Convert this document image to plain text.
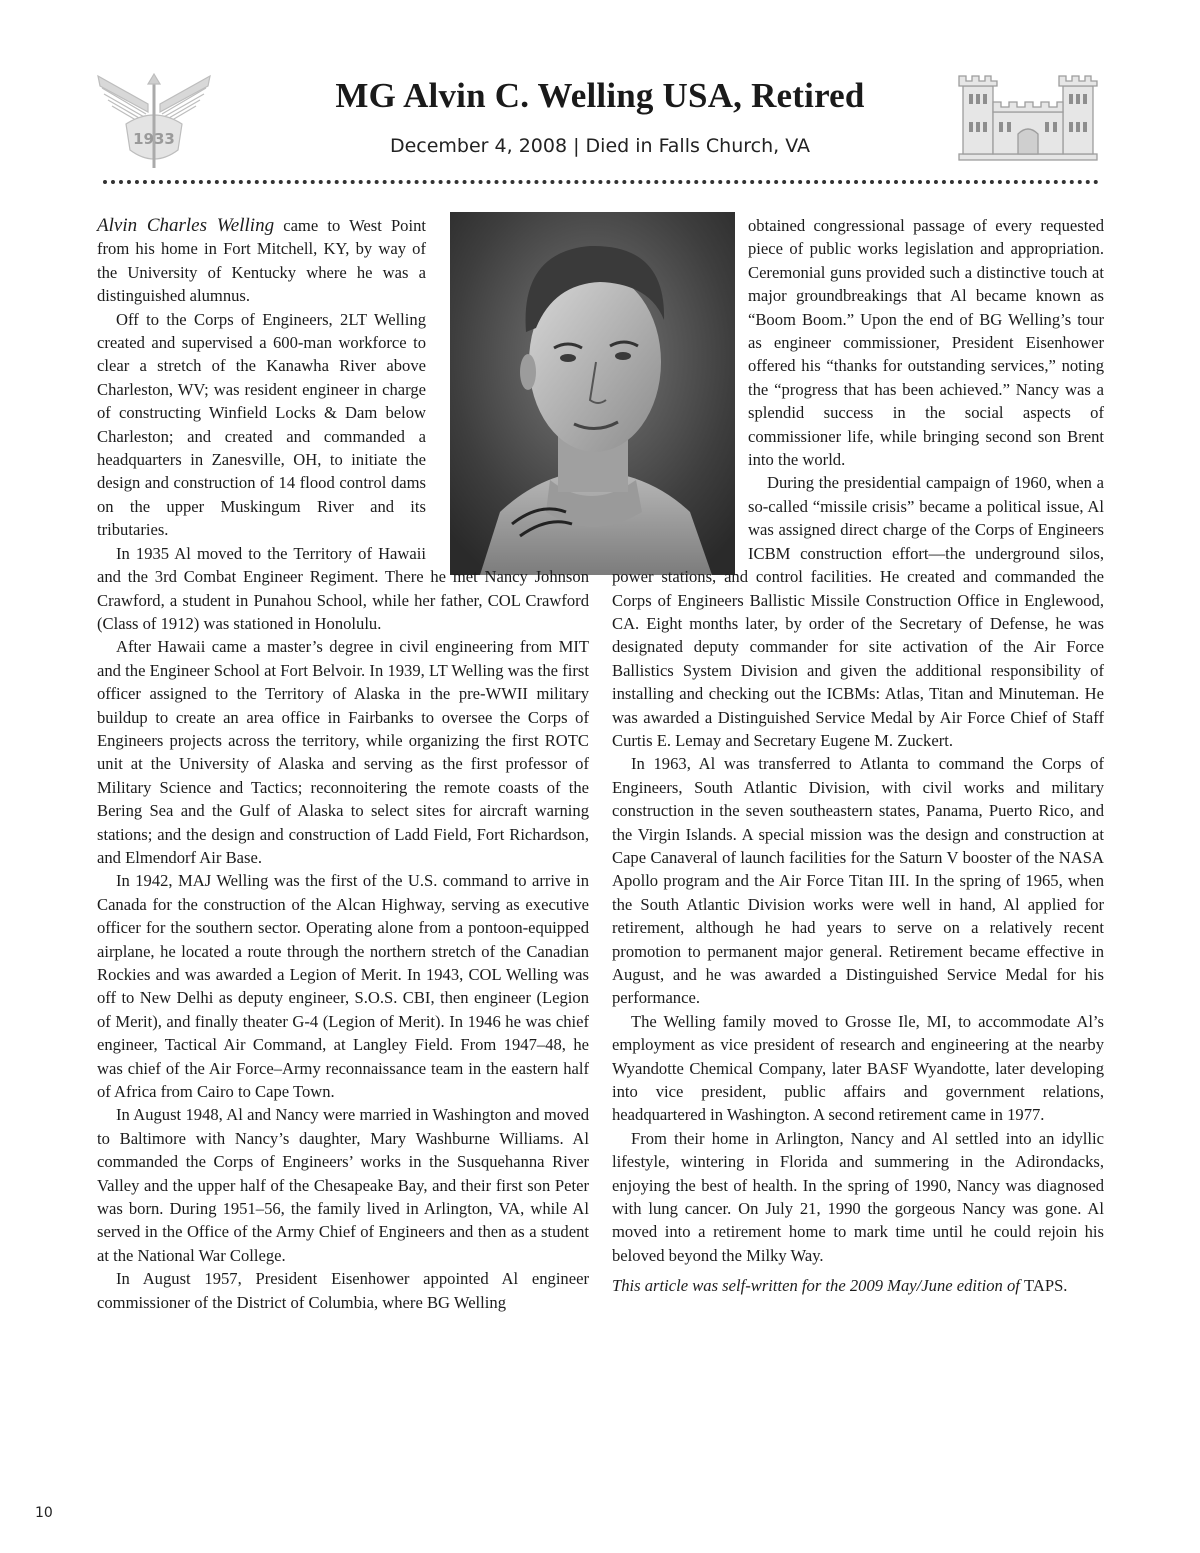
1933
MG Alvin C. Welling USA, Retired
December 4, 2008 | Died in Falls Church, VA

Alvin Charles Welling came to West Point from his home in Fort Mitchell, KY, by way of the University of Kentucky where he was a distinguished alumnus.

Off to the Corps of Engineers, 2LT Welling created and supervised a 600-man workforce to clear a stretch of the Kanawha River above Charleston, WV; was resident engineer in charge of constructing Winfield Locks & Dam below Charleston; and created and commanded a headquarters in Zanesville, OH, to initiate the design and construction of 14 flood control dams on the upper Muskingum River and its tributaries.

In 1935 Al moved to the Territory of Hawaii and the 3rd Combat Engineer Regiment. There he met Nancy Johnson Crawford, a student in Punahou School, while her father, COL Crawford (Class of 1912) was stationed in Honolulu.

After Hawaii came a master’s degree in civil engineering from MIT and the Engineer School at Fort Belvoir. In 1939, LT Welling was the first officer assigned to the Territory of Alaska in the pre-WWII military buildup to create an area office in Fairbanks to oversee the Corps of Engineers projects across the territory, while organizing the first ROTC unit at the University of Alaska and serving as the first professor of Military Science and Tactics; reconnoitering the remote coasts of the Bering Sea and the Gulf of Alaska to select sites for aircraft warning stations; and the design and construction of Ladd Field, Fort Richardson, and Elmendorf Air Base.

In 1942, MAJ Welling was the first of the U.S. command to arrive in Canada for the construction of the Alcan Highway, serving as executive officer for the southern sector. Operating alone from a pontoon-equipped airplane, he located a route through the northern stretch of the Canadian Rockies and was awarded a Legion of Merit. In 1943, COL Welling was off to New Delhi as deputy engineer, S.O.S. CBI, then engineer (Legion of Merit), and finally theater G-4 (Legion of Merit). In 1946 he was chief engineer, Tactical Air Command, at Langley Field. From 1947–48, he was chief of the Air Force–Army reconnaissance team in the eastern half of Africa from Cairo to Cape Town.

In August 1948, Al and Nancy were married in Washington and moved to Baltimore with Nancy’s daughter, Mary Washburne Williams. Al commanded the Corps of Engineers’ works in the Susquehanna River Valley and the upper half of the Chesapeake Bay, and their first son Peter was born. During 1951–56, the family lived in Arlington, VA, while Al served in the Office of the Army Chief of Engineers and then as a student at the National War College.

In August 1957, President Eisenhower appointed Al engineer commissioner of the District of Columbia, where BG Welling

obtained congressional passage of every requested piece of public works legislation and appropriation. Ceremonial guns provided such a distinctive touch at major groundbreakings that Al became known as “Boom Boom.” Upon the end of BG Welling’s tour as engineer commissioner, President Eisenhower offered his “thanks for outstanding services,” noting the “progress that has been achieved.” Nancy was a splendid success in the social aspects of commissioner life, while bringing second son Brent into the world.

During the presidential campaign of 1960, when a so-called “missile crisis” became a political issue, Al was assigned direct charge of the Corps of Engineers ICBM construction effort—the underground silos, power stations, and control facilities. He created and commanded the Corps of Engineers Ballistic Missile Construction Office in Englewood, CA. Eight months later, by order of the Secretary of Defense, he was designated deputy commander for site activation of the Air Force Ballistics System Division and given the additional responsibility of installing and checking out the ICBMs: Atlas, Titan and Minuteman. He was awarded a Distinguished Service Medal by Air Force Chief of Staff Curtis E. Lemay and Secretary Eugene M. Zuckert.

In 1963, Al was transferred to Atlanta to command the Corps of Engineers, South Atlantic Division, with civil works and military construction in the seven southeastern states, Panama, Puerto Rico, and the Virgin Islands. A special mission was the design and construction at Cape Canaveral of launch facilities for the Saturn V booster of the NASA Apollo program and the Air Force Titan III. In the spring of 1965, when the South Atlantic Division works were well in hand, Al applied for retirement, although he had years to serve on a relatively recent promotion to permanent major general. Retirement became effective in August, and he was awarded a Distinguished Service Medal for his performance.

The Welling family moved to Grosse Ile, MI, to accommodate Al’s employment as vice president of research and engineering at the nearby Wyandotte Chemical Company, later BASF Wyandotte, later developing into vice president, public affairs and government relations, headquartered in Washington. A second retirement came in 1977.

From their home in Arlington, Nancy and Al settled into an idyllic lifestyle, wintering in Florida and summering in the Adirondacks, enjoying the best of health. In the spring of 1990, Nancy was diagnosed with lung cancer. On July 21, 1990 the gorgeous Nancy was gone. Al moved into a retirement home to mark time until he could rejoin his beloved beyond the Milky Way.

This article was self-written for the 2009 May/June edition of TAPS.

10
